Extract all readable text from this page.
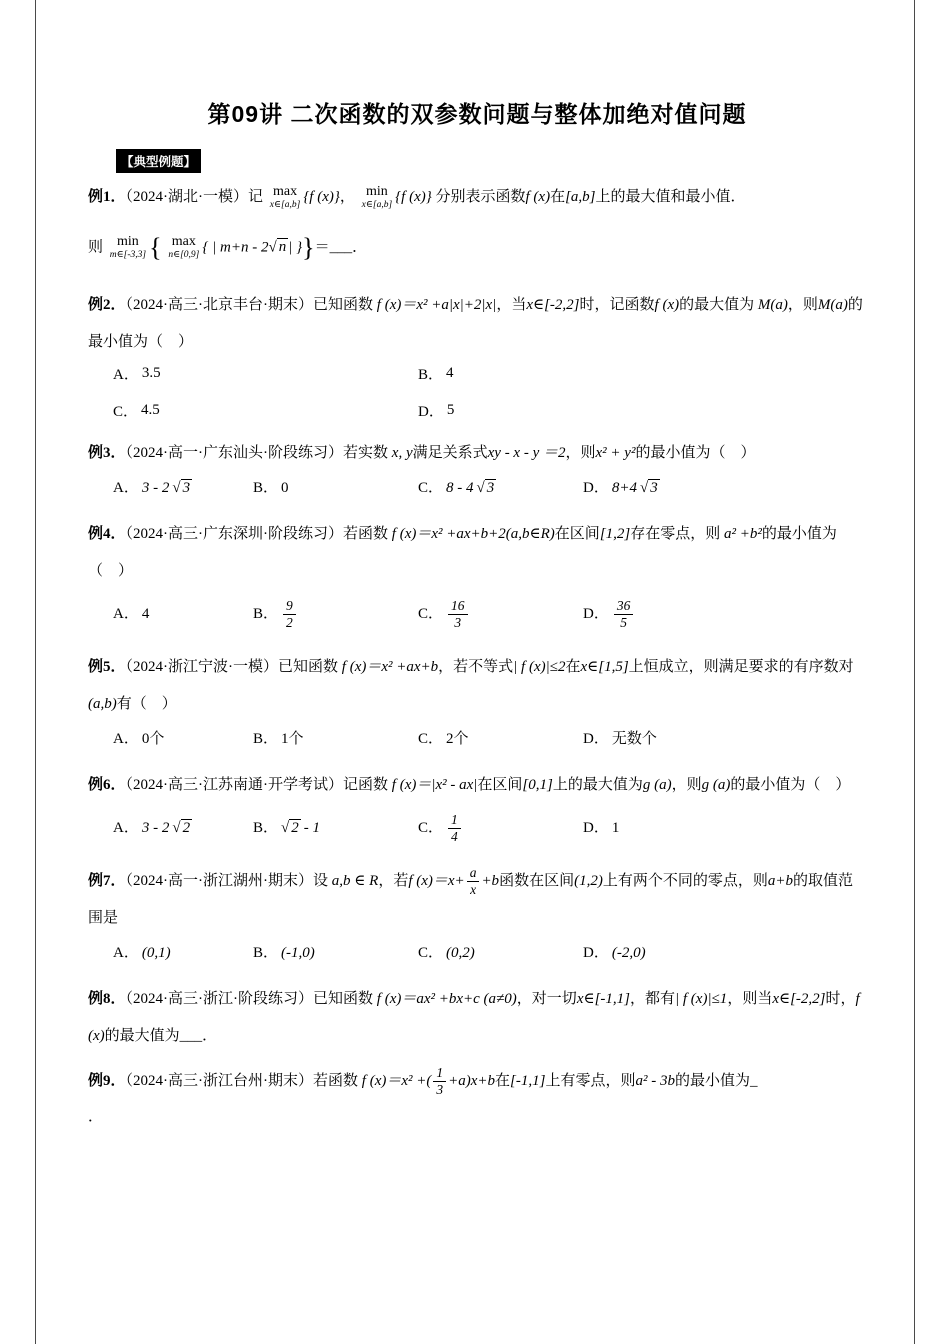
第09讲 二次函数的双参数问题与整体加绝对值问题
【典型例题】

例1．（2024·湖北·一模）记 max
x∈[a,b] {f (x)}， min
x∈[a,b] {f (x)} 分别表示函数f (x)在[a,b]上的最大值和最小值．

则 min
m∈[-3,3] { max
n∈[0,9] { | m+n - 2√ n | }}＝___．

例2．（2024·高三·北京丰台·期末）已知函数 f (x)＝x² +a|x|+2|x|，当x∈[-2,2]时，记函数f (x)的最大值为 M(a)，则M(a)的最小值为（　）

A． 3.5	B． 4
C． 4.5	D． 5

例3．（2024·高一·广东汕头·阶段练习）若实数 x, y满足关系式xy - x - y ＝2，则x² + y²的最小值为（　）

A． 3 - 2 √ 3	B． 0	C． 8 - 4 √ 3	D． 8+4 √ 3

例4．（2024·高三·广东深圳·阶段练习）若函数 f (x)＝x² +ax+b+2(a,b∈R)在区间[1,2]存在零点，则 a² +b²的最小值为（　）

A． 4	B． $\frac{9}{2}$	C． $\frac{16}{3}$	D． $\frac{36}{5}$

例5．（2024·浙江宁波·一模）已知函数 f (x)＝x² +ax+b，若不等式| f (x)|≤2在x∈[1,5]上恒成立，则满足要求的有序数对(a,b)有（　）

A． 0个	B． 1个	C． 2个	D． 无数个

例6．（2024·高三·江苏南通·开学考试）记函数 f (x)＝|x² - ax|在区间[0,1]上的最大值为g (a)，则g (a)的最小值为（　）

A． 3 - 2 √ 2	B． √ 2 - 1	C． $\frac{1}{4}$	D． 1

例7．（2024·高一·浙江湖州·期末）设 a,b ∈ R，若f $(x)=x+ \frac{a}{x} +b$函数在区间(1,2)上有两个不同的零点，则a+b的取值范围是

A． (0,1)	B． (-1,0)	C． (0,2)	D． (-2,0)

例8．（2024·高三·浙江·阶段练习）已知函数 f (x)＝ax² +bx+c (a≠0)，对一切x∈[-1,1]，都有| f (x)|≤1，则当x∈[-2,2]时，f (x)的最大值为___．

例9．（2024·高三·浙江台州·期末）若函数 f (x)＝x² +( $\frac{1}{3} +a)x+b$在[-1,1]上有零点，则a² - 3b的最小值为_

．
